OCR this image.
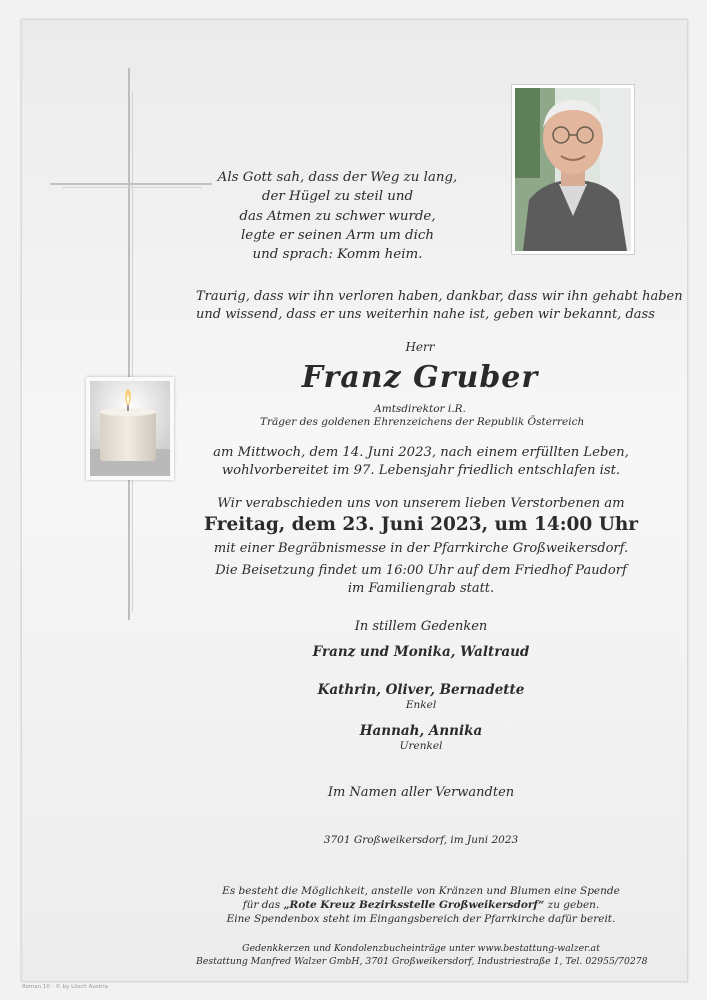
Als Gott sah, dass der Weg zu lang,
der Hügel zu steil und
das Atmen zu schwer wurde,
legte er seinen Arm um dich
und sprach: Komm heim.
Traurig, dass wir ihn verloren haben, dankbar, dass wir ihn gehabt haben
und wissend, dass er uns weiterhin nahe ist, geben wir bekannt, dass
Herr
Franz Gruber
Amtsdirektor i.R.
Träger des goldenen Ehrenzeichens der Republik Österreich
am Mittwoch, dem 14. Juni 2023, nach einem erfüllten Leben,
wohlvorbereitet im 97. Lebensjahr friedlich entschlafen ist.
Wir verabschieden uns von unserem lieben Verstorbenen am
Freitag, dem 23. Juni 2023, um 14:00 Uhr
mit einer Begräbnismesse in der Pfarrkirche Großweikersdorf.
Die Beisetzung findet um 16:00 Uhr auf dem Friedhof Paudorf
im Familiengrab statt.
In stillem Gedenken
Franz und Monika, Waltraud
Kathrin, Oliver, Bernadette
Enkel
Hannah, Annika
Urenkel
Im Namen aller Verwandten
3701 Großweikersdorf, im Juni 2023
Es besteht die Möglichkeit, anstelle von Kränzen und Blumen eine Spende
für das „Rote Kreuz Bezirksstelle Großweikersdorf“ zu geben.
Eine Spendenbox steht im Eingangsbereich der Pfarrkirche dafür bereit.
Gedenkkerzen und Kondolenzbucheinträge unter www.bestattung-walzer.at
Bestattung Manfred Walzer GmbH, 3701 Großweikersdorf, Industriestraße 1, Tel. 02955/70278
Roman 10 - © by Lösch Austria
